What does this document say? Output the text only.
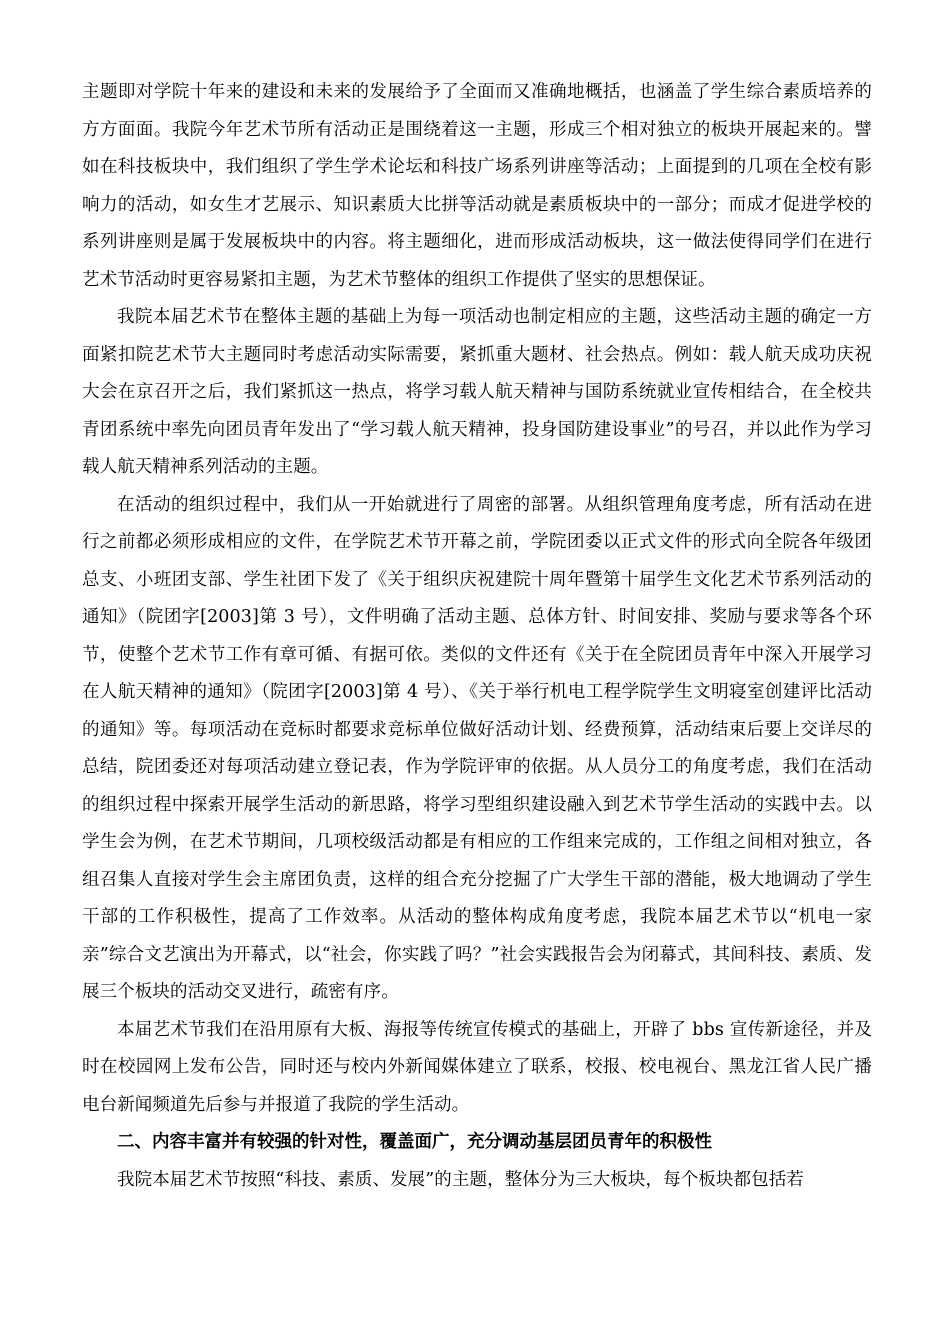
主题即对学院十年来的建设和未来的发展给予了全面而又准确地概括，也涵盖了学生综合素质培养的方方面面。我院今年艺术节所有活动正是围绕着这一主题，形成三个相对独立的板块开展起来的。譬如在科技板块中，我们组织了学生学术论坛和科技广场系列讲座等活动；上面提到的几项在全校有影响力的活动，如女生才艺展示、知识素质大比拼等活动就是素质板块中的一部分；而成才促进学校的系列讲座则是属于发展板块中的内容。将主题细化，进而形成活动板块，这一做法使得同学们在进行艺术节活动时更容易紧扣主题，为艺术节整体的组织工作提供了坚实的思想保证。

我院本届艺术节在整体主题的基础上为每一项活动也制定相应的主题，这些活动主题的确定一方面紧扣院艺术节大主题同时考虑活动实际需要，紧抓重大题材、社会热点。例如：载人航天成功庆祝大会在京召开之后，我们紧抓这一热点，将学习载人航天精神与国防系统就业宣传相结合，在全校共青团系统中率先向团员青年发出了“学习载人航天精神，投身国防建设事业”的号召，并以此作为学习载人航天精神系列活动的主题。

在活动的组织过程中，我们从一开始就进行了周密的部署。从组织管理角度考虑，所有活动在进行之前都必须形成相应的文件，在学院艺术节开幕之前，学院团委以正式文件的形式向全院各年级团总支、小班团支部、学生社团下发了《关于组织庆祝建院十周年暨第十届学生文化艺术节系列活动的通知》（院团字[2003]第 3 号），文件明确了活动主题、总体方针、时间安排、奖励与要求等各个环节，使整个艺术节工作有章可循、有据可依。类似的文件还有《关于在全院团员青年中深入开展学习在人航天精神的通知》（院团字[2003]第 4 号）、《关于举行机电工程学院学生文明寝室创建评比活动的通知》等。每项活动在竞标时都要求竞标单位做好活动计划、经费预算，活动结束后要上交详尽的总结，院团委还对每项活动建立登记表，作为学院评审的依据。从人员分工的角度考虑，我们在活动的组织过程中探索开展学生活动的新思路，将学习型组织建设融入到艺术节学生活动的实践中去。以学生会为例，在艺术节期间，几项校级活动都是有相应的工作组来完成的，工作组之间相对独立，各组召集人直接对学生会主席团负责，这样的组合充分挖掘了广大学生干部的潜能，极大地调动了学生干部的工作积极性，提高了工作效率。从活动的整体构成角度考虑，我院本届艺术节以“机电一家亲”综合文艺演出为开幕式，以“社会，你实践了吗？”社会实践报告会为闭幕式，其间科技、素质、发展三个板块的活动交叉进行，疏密有序。

本届艺术节我们在沿用原有大板、海报等传统宣传模式的基础上，开辟了 bbs 宣传新途径，并及时在校园网上发布公告，同时还与校内外新闻媒体建立了联系，校报、校电视台、黑龙江省人民广播电台新闻频道先后参与并报道了我院的学生活动。

二、内容丰富并有较强的针对性，覆盖面广，充分调动基层团员青年的积极性

我院本届艺术节按照“科技、素质、发展”的主题，整体分为三大板块，每个板块都包括若
